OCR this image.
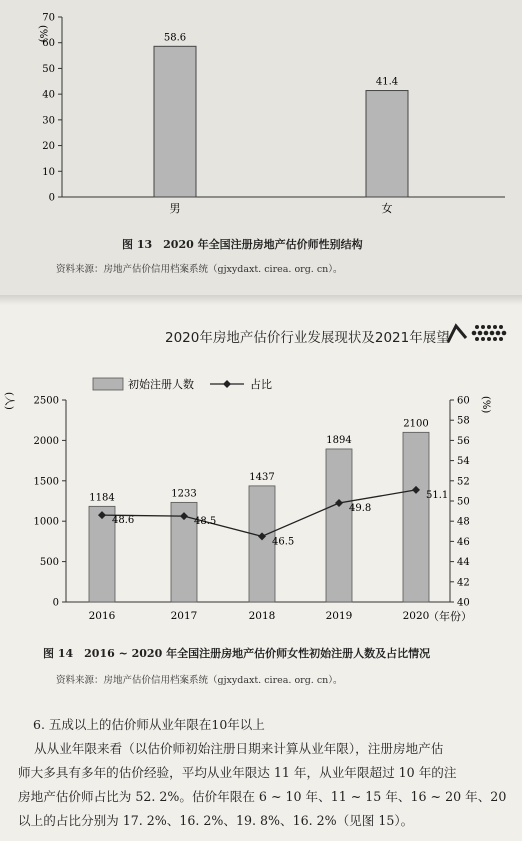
(%)
70
60
50
40
30
20
10
0
58.6
男
41.4
女
图 13　2020 年全国注册房地产估价师性别结构
资料来源：房地产估价信用档案系统（gjxydaxt. cirea. org. cn）。
2020年房地产估价行业发展现状及2021年展望
初始注册人数	占比
(人)	(%)
（年份）
2500
2000
1500
1000
500
0
60
58
56
54
52
50
48
46
44
42
40
1184
2016
1233
2017
1437
2018
1894
2019
2100
2020
48.6	48.5
46.5
49.8
51.1
图 14　2016 ~ 2020 年全国注册房地产估价师女性初始注册人数及占比情况
资料来源：房地产估价信用档案系统（gjxydaxt. cirea. org. cn）。
6. 五成以上的估价师从业年限在10年以上

从从业年限来看（以估价师初始注册日期来计算从业年限），注册房地产估

师大多具有多年的估价经验，平均从业年限达 11 年，从业年限超过 10 年的注

房地产估价师占比为 52. 2%。估价年限在 6 ~ 10 年、11 ~ 15 年、16 ~ 20 年、20

以上的占比分别为 17. 2%、16. 2%、19. 8%、16. 2%（见图 15）。
